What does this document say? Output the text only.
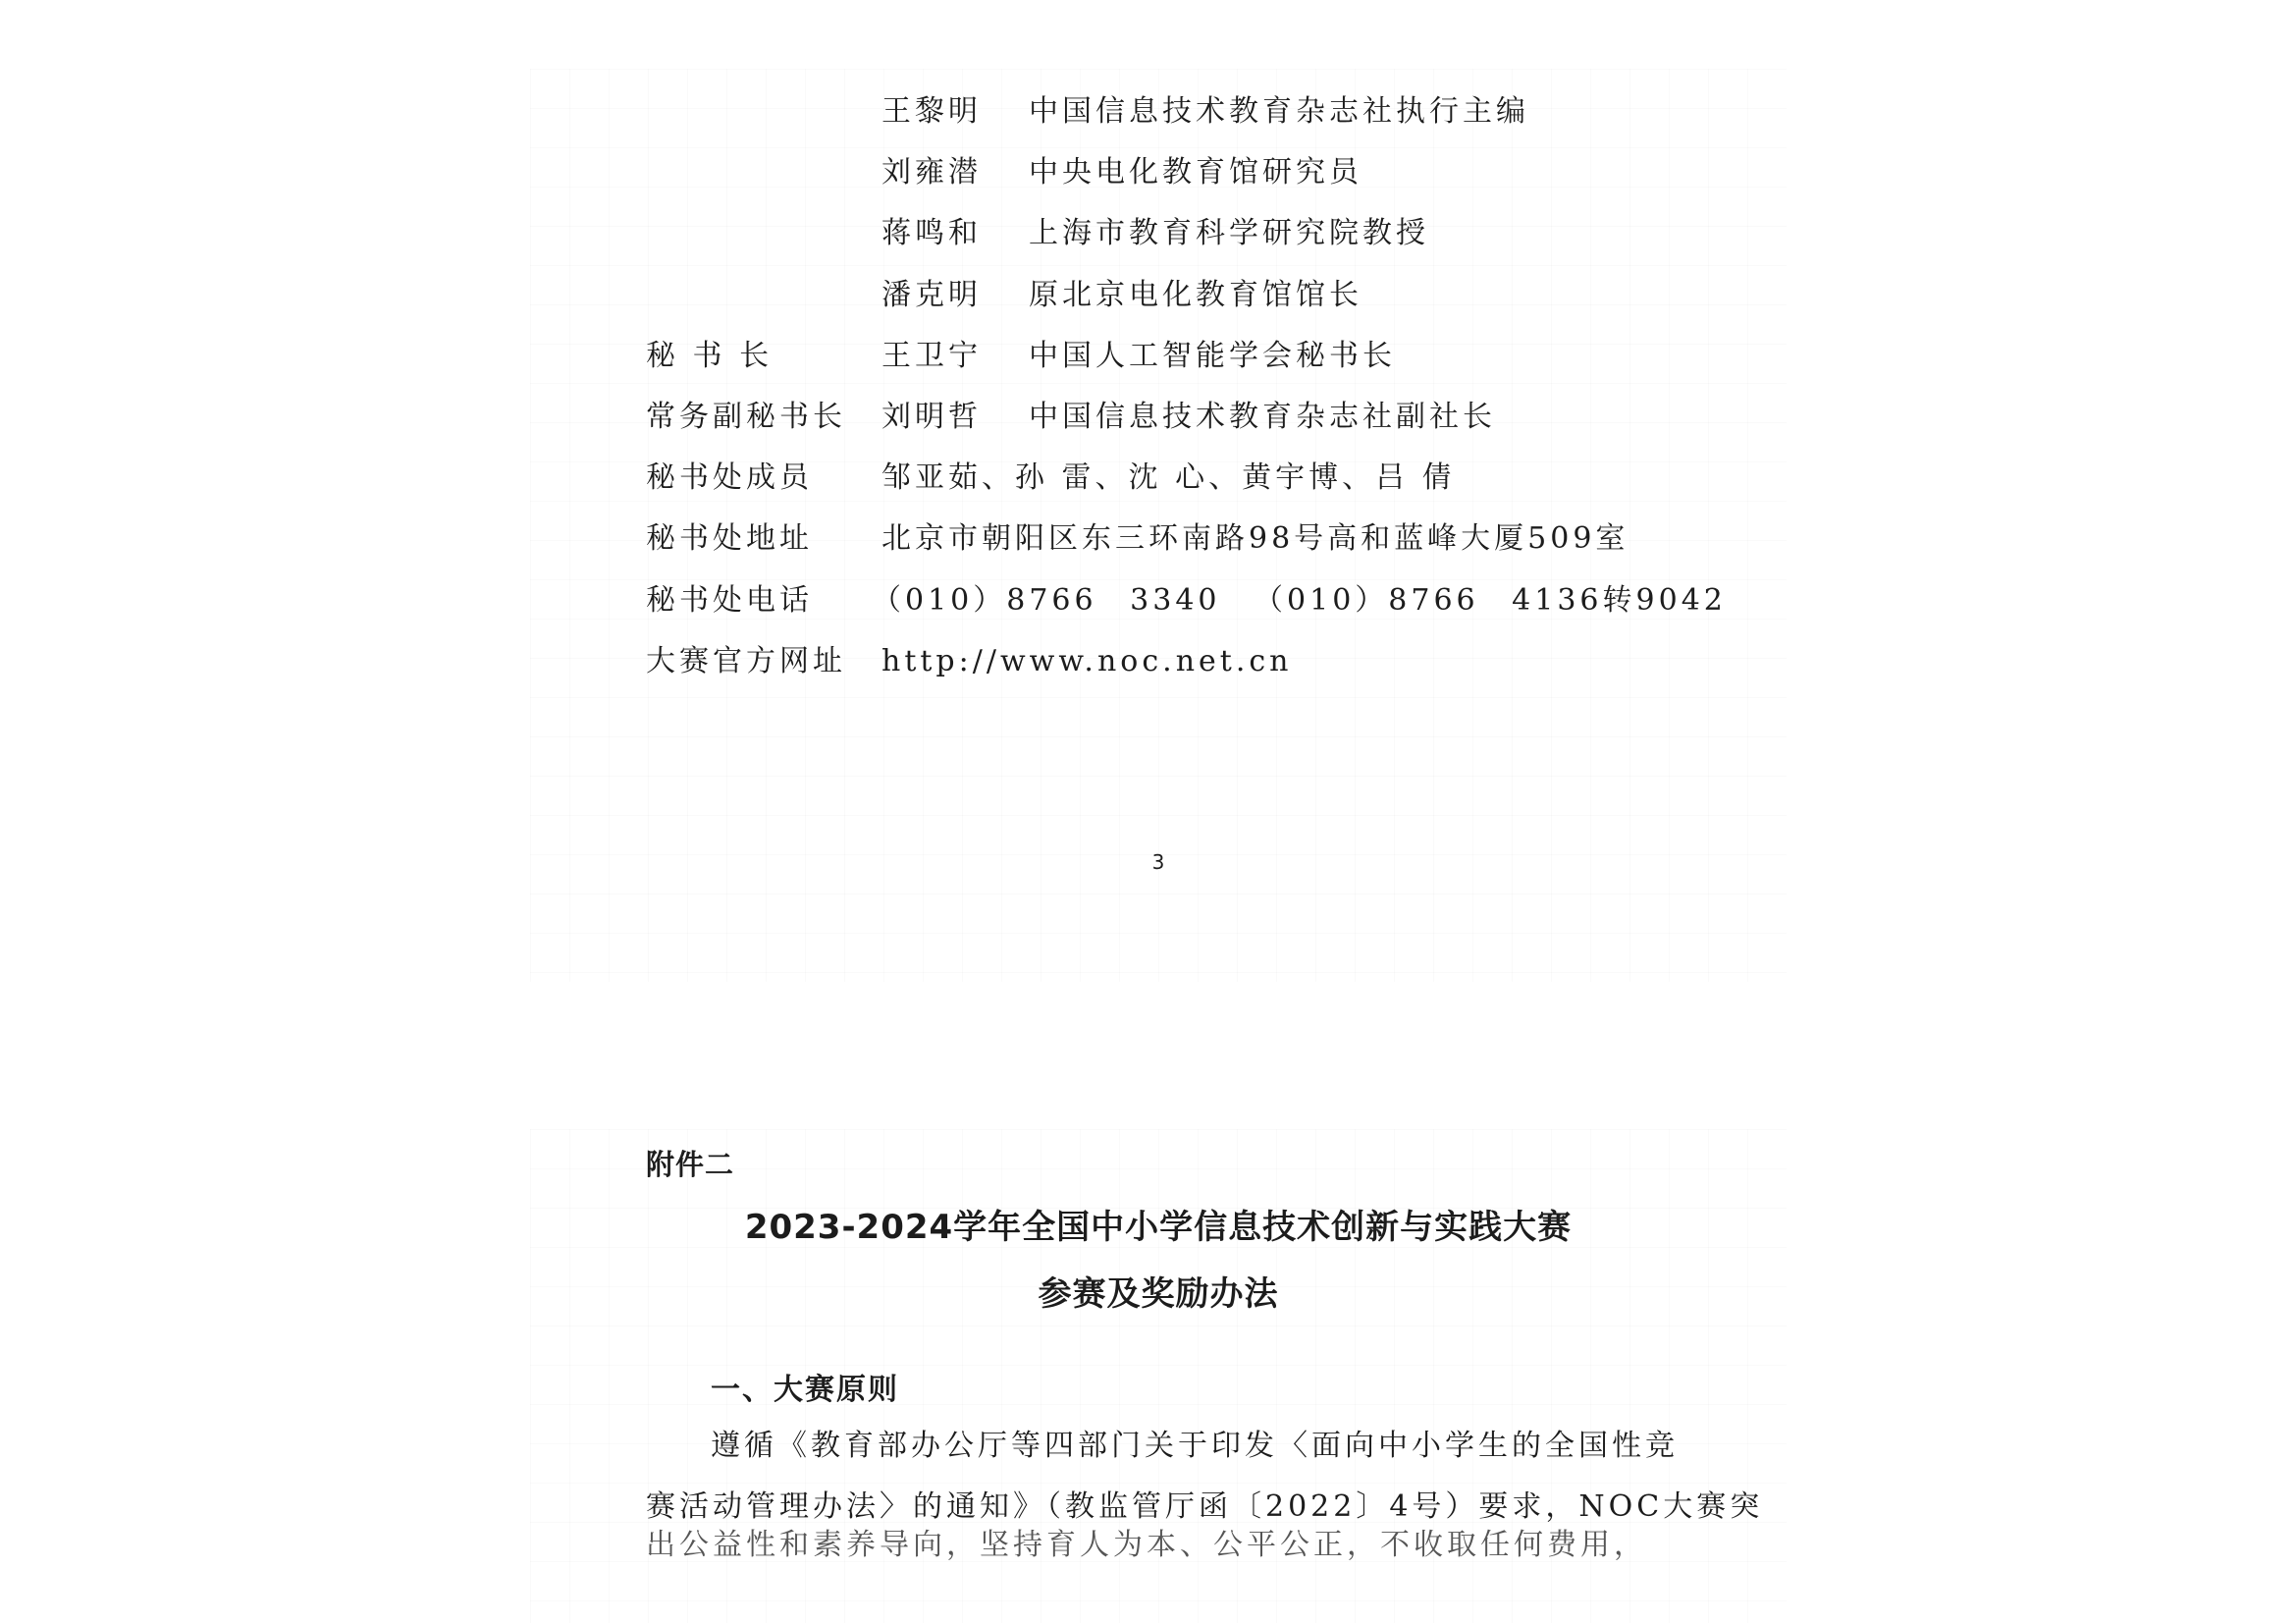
王黎明 中国信息技术教育杂志社执行主编
刘雍潜 中央电化教育馆研究员
蒋鸣和 上海市教育科学研究院教授
潘克明 原北京电化教育馆馆长
秘 书 长	王卫宁 中国人工智能学会秘书长
常务副秘书长 刘明哲 中国信息技术教育杂志社副社长
秘书处成员 邹亚茹、孙 雷、沈 心、黄宇博、吕 倩
秘书处地址 北京市朝阳区东三环南路98号高和蓝峰大厦509室
秘书处电话 （010）8766 3340 （010）8766 4136转9042
大赛官方网址 http://www.noc.net.cn
3
附件二
2023-2024学年全国中小学信息技术创新与实践大赛
参赛及奖励办法
一、大赛原则
遵循《教育部办公厅等四部门关于印发〈面向中小学生的全国性竞
赛活动管理办法〉的通知》（教监管厅函〔2022〕4号）要求，NOC大赛突
出公益性和素养导向，坚持育人为本、公平公正，不收取任何费用，
